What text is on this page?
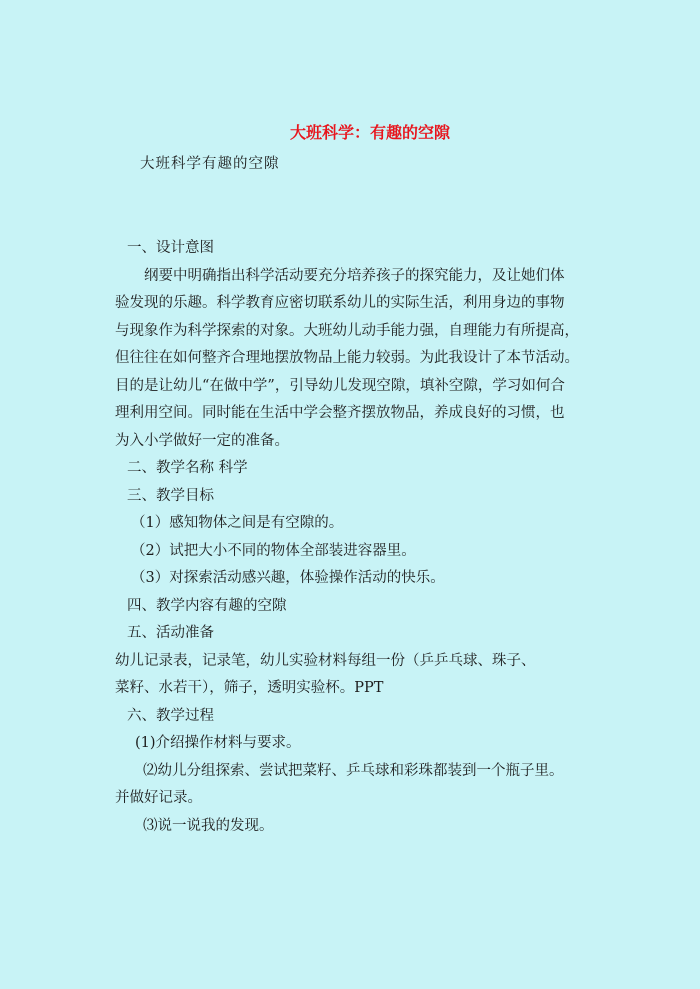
大班科学：有趣的空隙
大班科学有趣的空隙
一、设计意图
纲要中明确指出科学活动要充分培养孩子的探究能力，及让她们体
验发现的乐趣。科学教育应密切联系幼儿的实际生活，利用身边的事物
与现象作为科学探索的对象。大班幼儿动手能力强，自理能力有所提高，
但往往在如何整齐合理地摆放物品上能力较弱。为此我设计了本节活动。
目的是让幼儿“在做中学”，引导幼儿发现空隙，填补空隙，学习如何合
理利用空间。同时能在生活中学会整齐摆放物品，养成良好的习惯，也
为入小学做好一定的准备。
二、教学名称 科学
三、教学目标
（1）感知物体之间是有空隙的。
（2）试把大小不同的物体全部装进容器里。
（3）对探索活动感兴趣，体验操作活动的快乐。
四、教学内容有趣的空隙
五、活动准备
幼儿记录表，记录笔，幼儿实验材料每组一份（乒乒乓球、珠子、
菜籽、水若干），筛子，透明实验杯。PPT
六、教学过程
(1)介绍操作材料与要求。
⑵幼儿分组探索、尝试把菜籽、乒乓球和彩珠都装到一个瓶子里。
并做好记录。
⑶说一说我的发现。
